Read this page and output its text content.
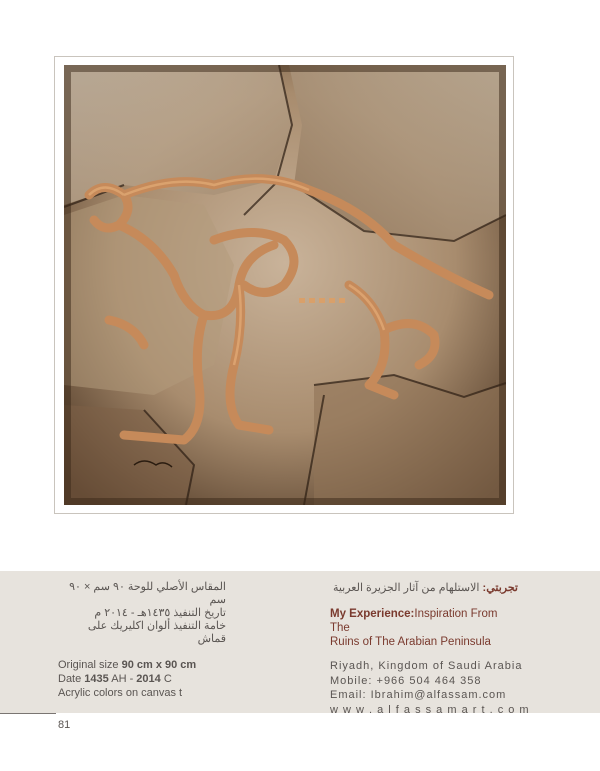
المقاس الأصلي للوحة ٩٠ سم × ٩٠ سم
تاريخ التنفيذ ١٤٣٥هـ - ٢٠١٤ م
خامة التنفيذ ألوان اكليريك على قماش
Original size 90 cm x 90 cm
Date 1435 AH - 2014 C
Acrylic colors on canvas t
تجربتي: الاستلهام من آثار الجزيرة العربية
My Experience:Inspiration From The
Ruins of The Arabian Peninsula
Riyadh, Kingdom of Saudi Arabia
Mobile: +966 504 464 358
Email: Ibrahim@alfassam.com
w w w . a l f a s s a m a r t . c o m
81
